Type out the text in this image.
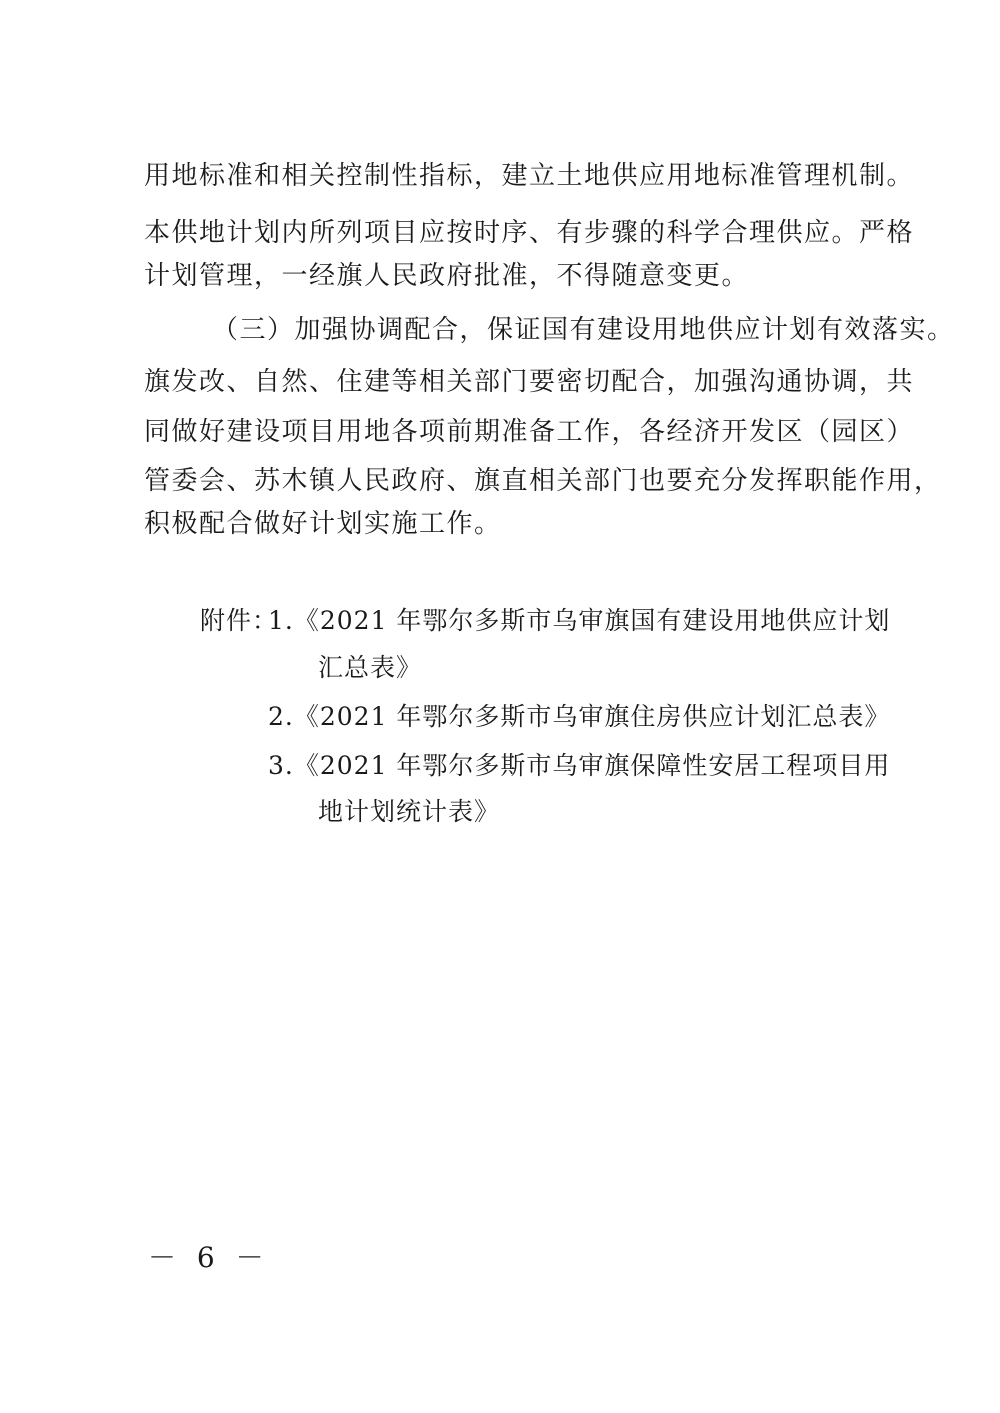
用地标准和相关控制性指标，建立土地供应用地标准管理机制。
本供地计划内所列项目应按时序、有步骤的科学合理供应。严格
计划管理，一经旗人民政府批准，不得随意变更。
（三）加强协调配合，保证国有建设用地供应计划有效落实。
旗发改、自然、住建等相关部门要密切配合，加强沟通协调，共
同做好建设项目用地各项前期准备工作，各经济开发区（园区）
管委会、苏木镇人民政府、旗直相关部门也要充分发挥职能作用，
积极配合做好计划实施工作。
附件：
1.《2021 年鄂尔多斯市乌审旗国有建设用地供应计划
汇总表》
2.《2021 年鄂尔多斯市乌审旗住房供应计划汇总表》
3.《2021 年鄂尔多斯市乌审旗保障性安居工程项目用
地计划统计表》
－ 6 －
